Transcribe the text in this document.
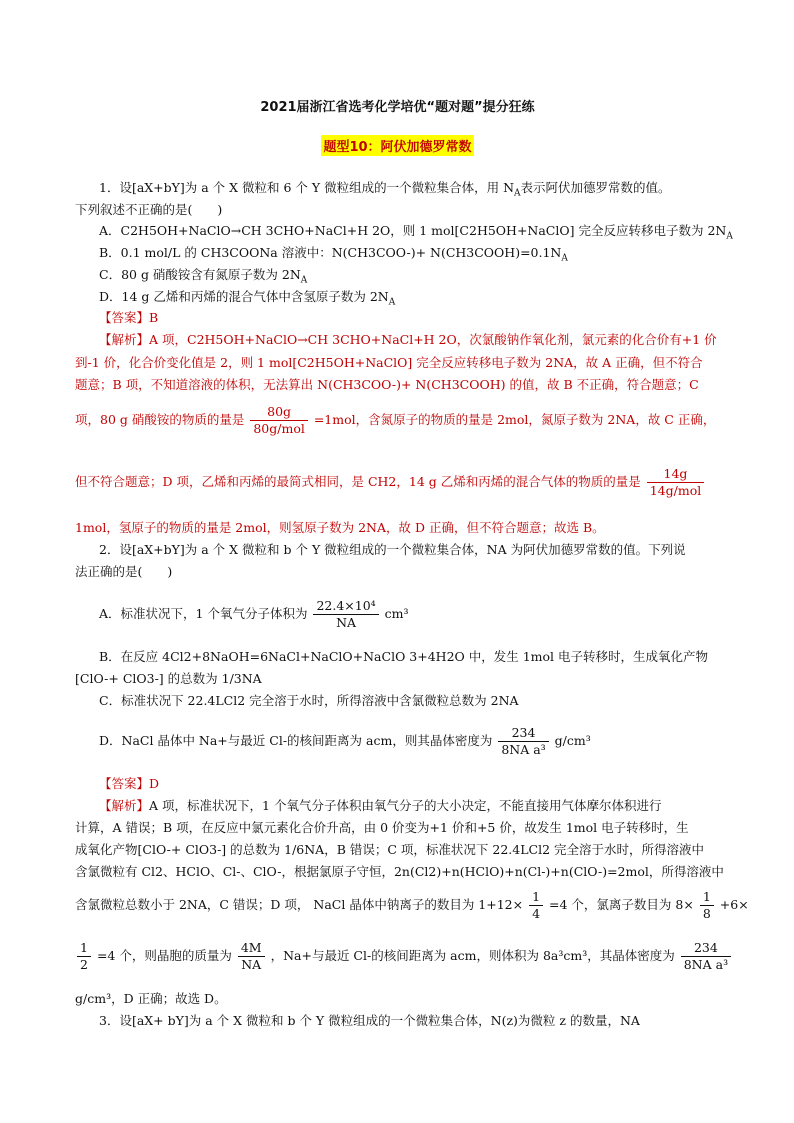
2021届浙江省选考化学培优“题对题”提分狂练
题型10：阿伏加德罗常数
1．设[aX+bY]为 a 个 X 微粒和 6 个 Y 微粒组成的一个微粒集合体，用 $N_A$表示阿伏加德罗常数的值。
下列叙述不正确的是(　　)
A．C2H5OH+NaClO→CH 3CHO+NaCl+H 2O，则 1 mol[C2H5OH+NaClO] 完全反应转移电子数为 $2N_A$
B．0.1 mol/L 的 CH3COONa 溶液中：$N(CH3COO-)+ N(CH3COOH)=0.1N_A$
C．80 g 硝酸铵含有氮原子数为 $2N_A$
D．14 g 乙烯和丙烯的混合气体中含氢原子数为 $2N_A$
【答案】B
【解析】A 项，C2H5OH+NaClO→CH 3CHO+NaCl+H 2O，次氯酸钠作氧化剂，氯元素的化合价有+1 价
到-1 价，化合价变化值是 2，则 1 mol[C2H5OH+NaClO] 完全反应转移电子数为 2NA，故 A 正确，但不符合
题意；B 项，不知道溶液的体积，无法算出 N(CH3COO-)+ N(CH3COOH) 的值，故 B 不正确，符合题意；C
项，80 g 硝酸铵的物质的量是 $\frac{80g}{\text{80g/mol}} =1mol$，含氮原子的物质的量是 2mol，氮原子数为 2NA，故 C 正确，
但不符合题意；D 项，乙烯和丙烯的最简式相同，是 CH2，14 g 乙烯和丙烯的混合气体的物质的量是 $\frac{14g}{\text{14g/mol}}$
1mol，氢原子的物质的量是 2mol，则氢原子数为 2NA，故 D 正确，但不符合题意；故选 B。
2．设[aX+bY]为 a 个 X 微粒和 b 个 Y 微粒组成的一个微粒集合体，NA 为阿伏加德罗常数的值。下列说
法正确的是(　　)
A．标准状况下，1 个氧气分子体积为 $\frac{\text{22.4×10⁴}}{NA} cm^3$
B．在反应 4Cl2+8NaOH=6NaCl+NaClO+NaClO 3+4H2O 中，发生 1mol 电子转移时，生成氧化产物
[ClO-+ ClO3-] 的总数为 1/3NA
C．标准状况下 22.4LCl2 完全溶于水时，所得溶液中含氯微粒总数为 2NA
D．NaCl 晶体中 Na+与最近 Cl-的核间距离为 acm，则其晶体密度为 $\frac{234}{\text{8NA a³}} g/cm^3$
【答案】D
【解析】A 项，标准状况下，1 个氧气分子体积由氧气分子的大小决定，不能直接用气体摩尔体积进行
计算，A 错误；B 项，在反应中氯元素化合价升高，由 0 价变为+1 价和+5 价，故发生 1mol 电子转移时，生
成氧化产物[ClO-+ ClO3-] 的总数为 1/6NA，B 错误；C 项，标准状况下 22.4LCl2 完全溶于水时，所得溶液中
含氯微粒有 Cl2、HClO、Cl-、ClO-，根据氯原子守恒，2n(Cl2)+n(HClO)+n(Cl-)+n(ClO-)=2mol，所得溶液中
含氯微粒总数小于 2NA，C 错误；D 项， NaCl 晶体中钠离子的数目为 $1+12\times \frac{1}{4} =4$ 个，氯离子数目为 $8\times \frac{1}{8} +6\times$
$\frac{1}{2} =4$ 个，则晶胞的质量为 $\frac{4M}{NA}$ ，Na+与最近 Cl-的核间距离为 acm，则体积为 8a³cm³，其晶体密度为 $\frac{234}{\text{8NA a³}}$
g/cm³，D 正确；故选 D。
3．设[aX+ bY]为 a 个 X 微粒和 b 个 Y 微粒组成的一个微粒集合体，N(z)为微粒 z 的数量，NA
